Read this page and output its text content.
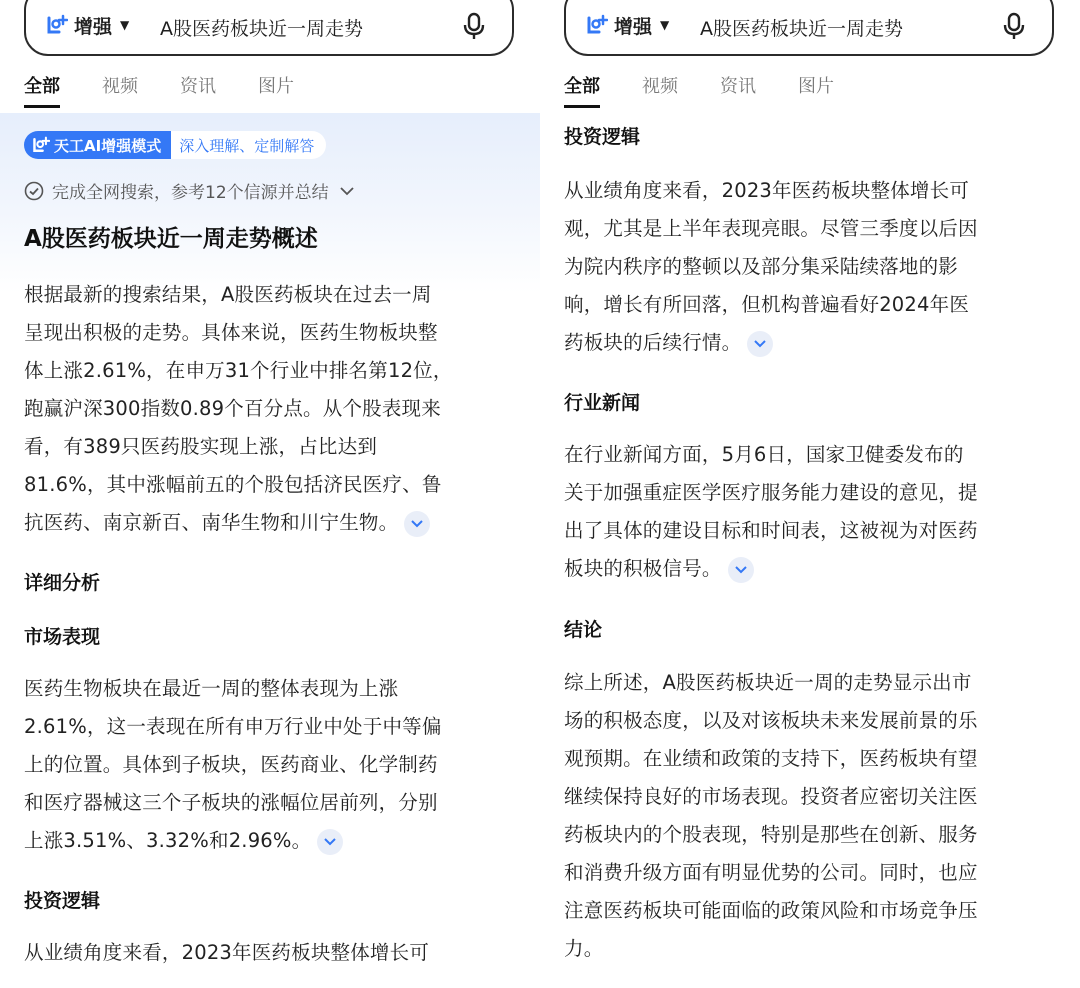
增强 ▼ A股医药板块近一周走势
全部 视频 资讯 图片
天工AI增强模式	深入理解、定制解答
完成全网搜索，参考12个信源并总结
A股医药板块近一周走势概述
根据最新的搜索结果，A股医药板块在过去一周
呈现出积极的走势。具体来说，医药生物板块整
体上涨2.61%，在申万31个行业中排名第12位，
跑赢沪深300指数0.89个百分点。从个股表现来
看，有389只医药股实现上涨，占比达到
81.6%，其中涨幅前五的个股包括济民医疗、鲁
抗医药、南京新百、南华生物和川宁生物。
详细分析
市场表现
医药生物板块在最近一周的整体表现为上涨
2.61%，这一表现在所有申万行业中处于中等偏
上的位置。具体到子板块，医药商业、化学制药
和医疗器械这三个子板块的涨幅位居前列，分别
上涨3.51%、3.32%和2.96%。
投资逻辑
从业绩角度来看，2023年医药板块整体增长可
增强 ▼ A股医药板块近一周走势
全部 视频 资讯 图片
投资逻辑
从业绩角度来看，2023年医药板块整体增长可
观，尤其是上半年表现亮眼。尽管三季度以后因
为院内秩序的整顿以及部分集采陆续落地的影
响，增长有所回落，但机构普遍看好2024年医
药板块的后续行情。
行业新闻
在行业新闻方面，5月6日，国家卫健委发布的
关于加强重症医学医疗服务能力建设的意见，提
出了具体的建设目标和时间表，这被视为对医药
板块的积极信号。
结论
综上所述，A股医药板块近一周的走势显示出市
场的积极态度，以及对该板块未来发展前景的乐
观预期。在业绩和政策的支持下，医药板块有望
继续保持良好的市场表现。投资者应密切关注医
药板块内的个股表现，特别是那些在创新、服务
和消费升级方面有明显优势的公司。同时，也应
注意医药板块可能面临的政策风险和市场竞争压
力。
